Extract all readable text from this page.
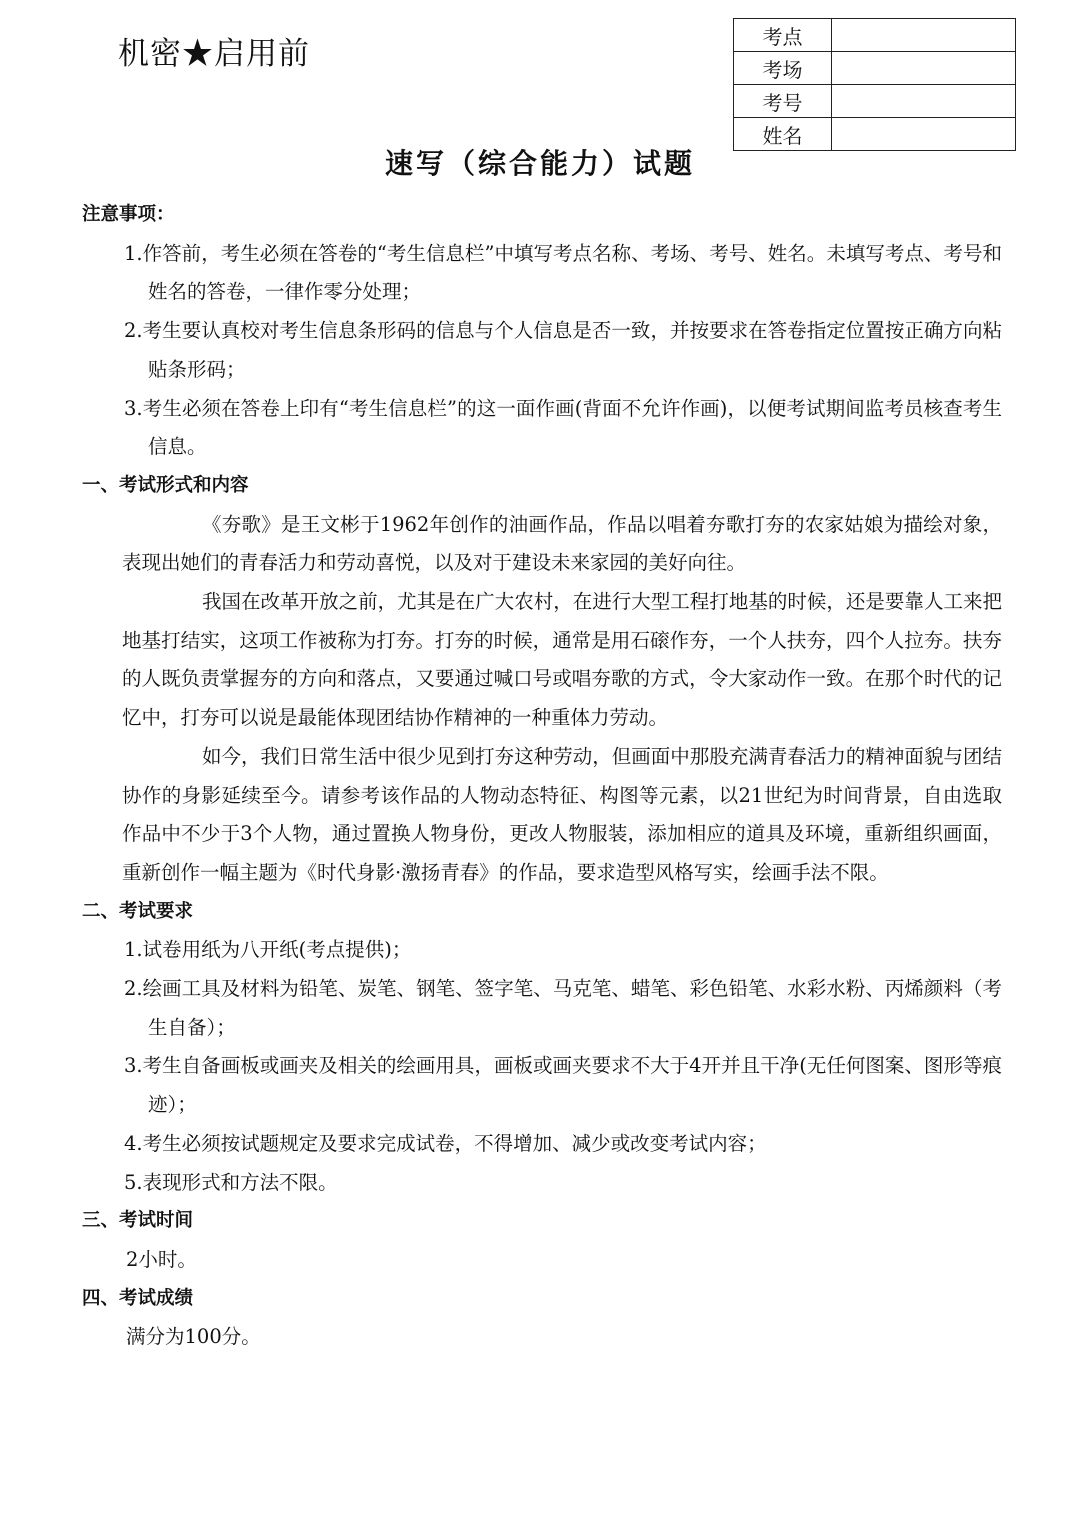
机密★启用前	考点	
考场	
考号	
姓名	
速写（综合能力）试题

注意事项：

1.作答前，考生必须在答卷的“考生信息栏”中填写考点名称、考场、考号、姓名。未填写考点、考号和姓名的答卷，一律作零分处理；

2.考生要认真校对考生信息条形码的信息与个人信息是否一致，并按要求在答卷指定位置按正确方向粘贴条形码；

3.考生必须在答卷上印有“考生信息栏”的这一面作画(背面不允许作画)，以便考试期间监考员核查考生信息。

一、考试形式和内容

《夯歌》是王文彬于1962年创作的油画作品，作品以唱着夯歌打夯的农家姑娘为描绘对象，表现出她们的青春活力和劳动喜悦，以及对于建设未来家园的美好向往。

我国在改革开放之前，尤其是在广大农村，在进行大型工程打地基的时候，还是要靠人工来把地基打结实，这项工作被称为打夯。打夯的时候，通常是用石磙作夯，一个人扶夯，四个人拉夯。扶夯的人既负责掌握夯的方向和落点，又要通过喊口号或唱夯歌的方式，令大家动作一致。在那个时代的记忆中，打夯可以说是最能体现团结协作精神的一种重体力劳动。

如今，我们日常生活中很少见到打夯这种劳动，但画面中那股充满青春活力的精神面貌与团结协作的身影延续至今。请参考该作品的人物动态特征、构图等元素，以21世纪为时间背景，自由选取作品中不少于3个人物，通过置换人物身份，更改人物服装，添加相应的道具及环境，重新组织画面，重新创作一幅主题为《时代身影·激扬青春》的作品，要求造型风格写实，绘画手法不限。

二、考试要求

1.试卷用纸为八开纸(考点提供)；

2.绘画工具及材料为铅笔、炭笔、钢笔、签字笔、马克笔、蜡笔、彩色铅笔、水彩水粉、丙烯颜料（考生自备）；

3.考生自备画板或画夹及相关的绘画用具，画板或画夹要求不大于4开并且干净(无任何图案、图形等痕迹）；

4.考生必须按试题规定及要求完成试卷，不得增加、减少或改变考试内容；

5.表现形式和方法不限。

三、考试时间

2小时。

四、考试成绩

满分为100分。
